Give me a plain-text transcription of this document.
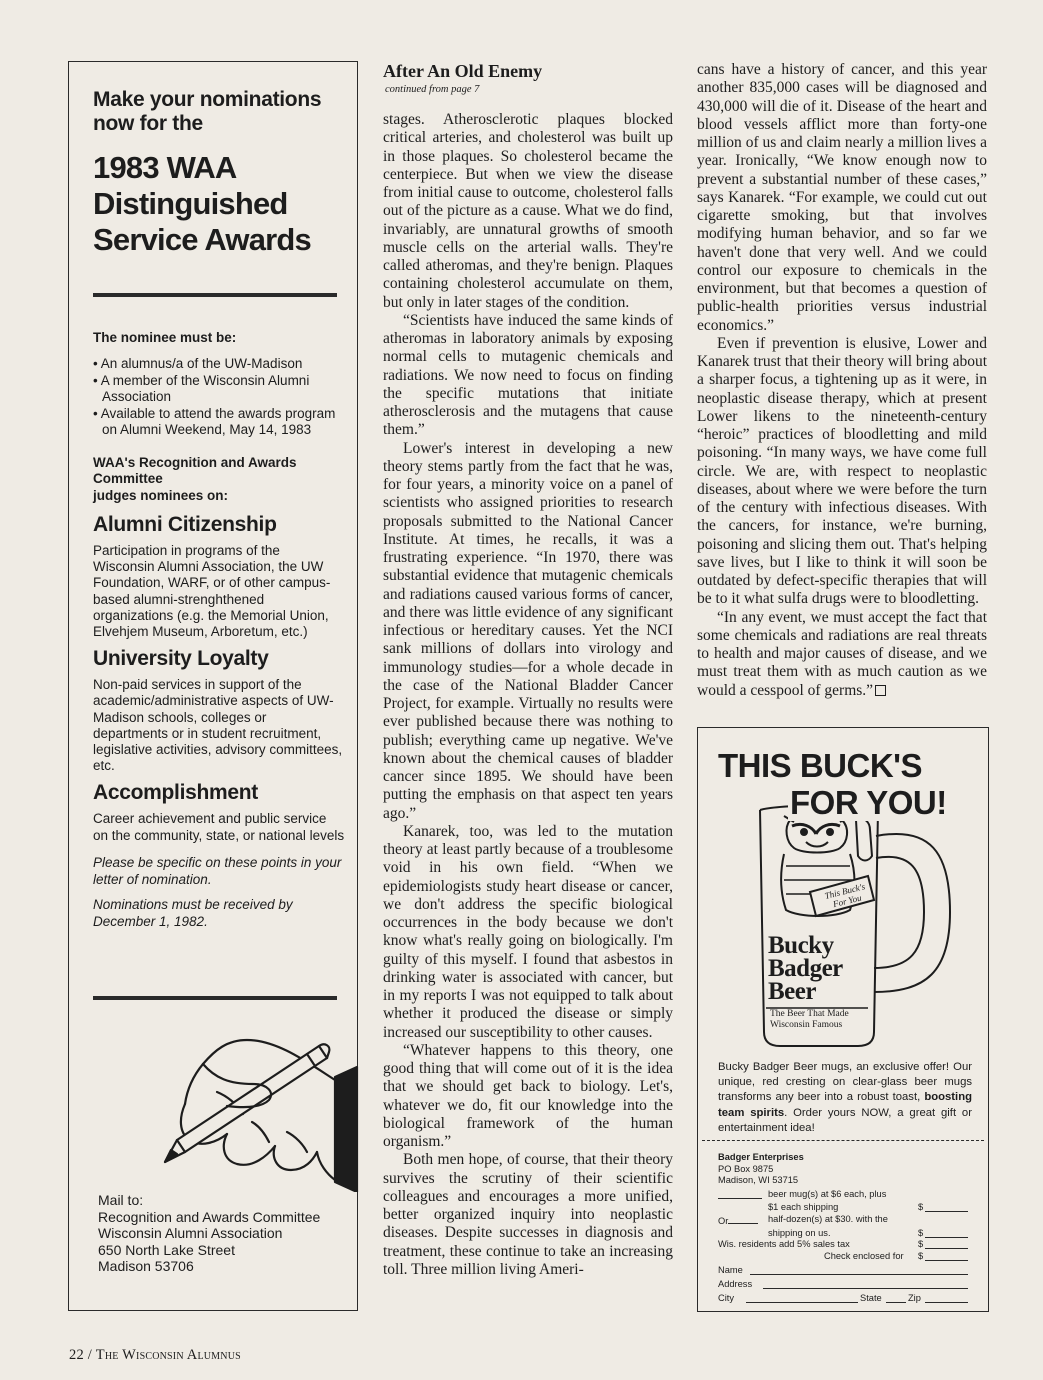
Make your nominations now for the

1983 WAA Distinguished Service Awards

The nominee must be:

• An alumnus/a of the UW-Madison
• A member of the Wisconsin Alumni Association
• Available to attend the awards program on Alumni Weekend, May 14, 1983

WAA's Recognition and Awards Committee
judges nominees on:

Alumni Citizenship

Participation in programs of the Wisconsin Alumni Association, the UW Foundation, WARF, or of other campus-based alumni-strenghthened organizations (e.g. the Memorial Union, Elvehjem Museum, Arboretum, etc.)

University Loyalty

Non-paid services in support of the academic/administrative aspects of UW-Madison schools, colleges or departments or in student recruitment, legislative activities, advisory committees, etc.

Accomplishment

Career achievement and public service on the community, state, or national levels

Please be specific on these points in your letter of nomination.

Nominations must be received by December 1, 1982.

Mail to:
Recognition and Awards Committee
Wisconsin Alumni Association
650 North Lake Street
Madison 53706
After An Old Enemy
continued from page 7

stages. Atherosclerotic plaques blocked critical arteries, and cholesterol was built up in those plaques. So cholesterol became the centerpiece. But when we view the disease from initial cause to outcome, cholesterol falls out of the picture as a cause. What we do find, invariably, are unnatural growths of smooth muscle cells on the arterial walls. They're called atheromas, and they're benign. Plaques containing cholesterol accumulate on them, but only in later stages of the condition.

“Scientists have induced the same kinds of atheromas in laboratory animals by exposing normal cells to mutagenic chemicals and radiations. We now need to focus on finding the specific mutations that initiate atherosclerosis and the mutagens that cause them.”

Lower's interest in developing a new theory stems partly from the fact that he was, for four years, a minority voice on a panel of scientists who assigned priorities to research proposals submitted to the National Cancer Institute. At times, he recalls, it was a frustrating experience. “In 1970, there was substantial evidence that mutagenic chemicals and radiations caused various forms of cancer, and there was little evidence of any significant infectious or hereditary causes. Yet the NCI sank millions of dollars into virology and immunology studies—for a whole decade in the case of the National Bladder Cancer Project, for example. Virtually no results were ever published because there was nothing to publish; everything came up negative. We've known about the chemical causes of bladder cancer since 1895. We should have been putting the emphasis on that aspect ten years ago.”

Kanarek, too, was led to the mutation theory at least partly because of a troublesome void in his own field. “When we epidemiologists study heart disease or cancer, we don't address the specific biological occurrences in the body because we don't know what's really going on biologically. I'm guilty of this myself. I found that asbestos in drinking water is associated with cancer, but in my reports I was not equipped to talk about whether it produced the disease or simply increased our susceptibility to other causes.

“Whatever happens to this theory, one good thing that will come out of it is the idea that we should get back to biology. Let's, whatever we do, fit our knowledge into the biological framework of the human organism.”

Both men hope, of course, that their theory survives the scrutiny of their scientific colleagues and encourages a more unified, better organized inquiry into neoplastic diseases. Despite successes in diagnosis and treatment, these continue to take an increasing toll. Three million living Ameri-

cans have a history of cancer, and this year another 835,000 cases will be diagnosed and 430,000 will die of it. Disease of the heart and blood vessels afflict more than forty-one million of us and claim nearly a million lives a year. Ironically, “We know enough now to prevent a substantial number of these cases,” says Kanarek. “For example, we could cut out cigarette smoking, but that involves modifying human behavior, and so far we haven't done that very well. And we could control our exposure to chemicals in the environment, but that becomes a question of public-health priorities versus industrial economics.”

Even if prevention is elusive, Lower and Kanarek trust that their theory will bring about a sharper focus, a tightening up as it were, in neoplastic disease therapy, which at present Lower likens to the nineteenth-century “heroic” practices of bloodletting and mild poisoning. “In many ways, we have come full circle. We are, with respect to neoplastic diseases, about where we were before the turn of the century with infectious diseases. With the cancers, for instance, we're burning, poisoning and slicing them out. That's helping save lives, but I like to think it will soon be outdated by defect-specific therapies that will be to it what sulfa drugs were to bloodletting.

“In any event, we must accept the fact that some chemicals and radiations are real threats to health and major causes of disease, and we must treat them with as much caution as we would a cesspool of germs.”

THIS BUCK'S
This Buck's For You
Bucky
Badger
Beer
The Beer That Made
Wisconsin Famous
FOR YOU!
Bucky Badger Beer mugs, an exclusive offer! Our unique, red cresting on clear-glass beer mugs transforms any beer into a robust toast, boosting team spirits. Order yours NOW, a great gift or entertainment idea!
Badger Enterprises
PO Box 9875
Madison, WI 53715
beer mug(s) at $6 each, plus
$1 each shipping	$

Or	half-dozen(s) at $30. with the
shipping on us.	$

Wis. residents add 5% sales tax	$
Check enclosed for $

Name
Address
City	State	Zip
22 / The Wisconsin Alumnus
